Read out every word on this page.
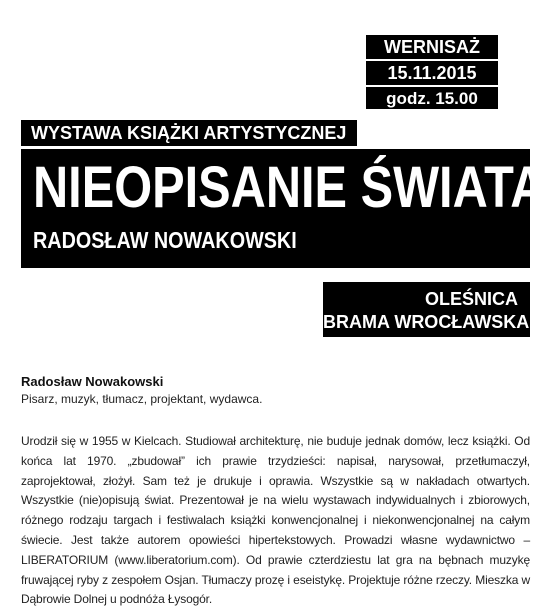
WERNISAŻ
15.11.2015
godz. 15.00
WYSTAWA KSIĄŻKI ARTYSTYCZNEJ
NIEOPISANIE ŚWIATA
RADOSŁAW NOWAKOWSKI
OLEŚNICA
BRAMA WROCŁAWSKA
Radosław Nowakowski
Pisarz, muzyk, tłumacz, projektant, wydawca.
Urodził się w 1955 w Kielcach. Studiował architekturę, nie buduje jednak domów, lecz książki. Od końca lat 1970. „zbudował” ich prawie trzydzieści: napisał, narysował, przetłumaczył, zaprojektował, złożył. Sam też je drukuje i oprawia. Wszystkie są w nakładach otwartych. Wszystkie (nie)opisują świat. Prezentował je na wielu wystawach indywidualnych i zbiorowych, różnego rodzaju targach i festiwalach książki konwencjonalnej i niekonwencjonalnej na całym świecie. Jest także autorem opowieści hipertekstowych. Prowadzi własne wydawnictwo – LIBERATORIUM (www.liberatorium.com). Od prawie czterdziestu lat gra na bębnach muzykę fruwającej ryby z zespołem Osjan. Tłumaczy prozę i eseistykę. Projektuje różne rzeczy. Mieszka w Dąbrowie Dolnej u podnóża Łysogór.
